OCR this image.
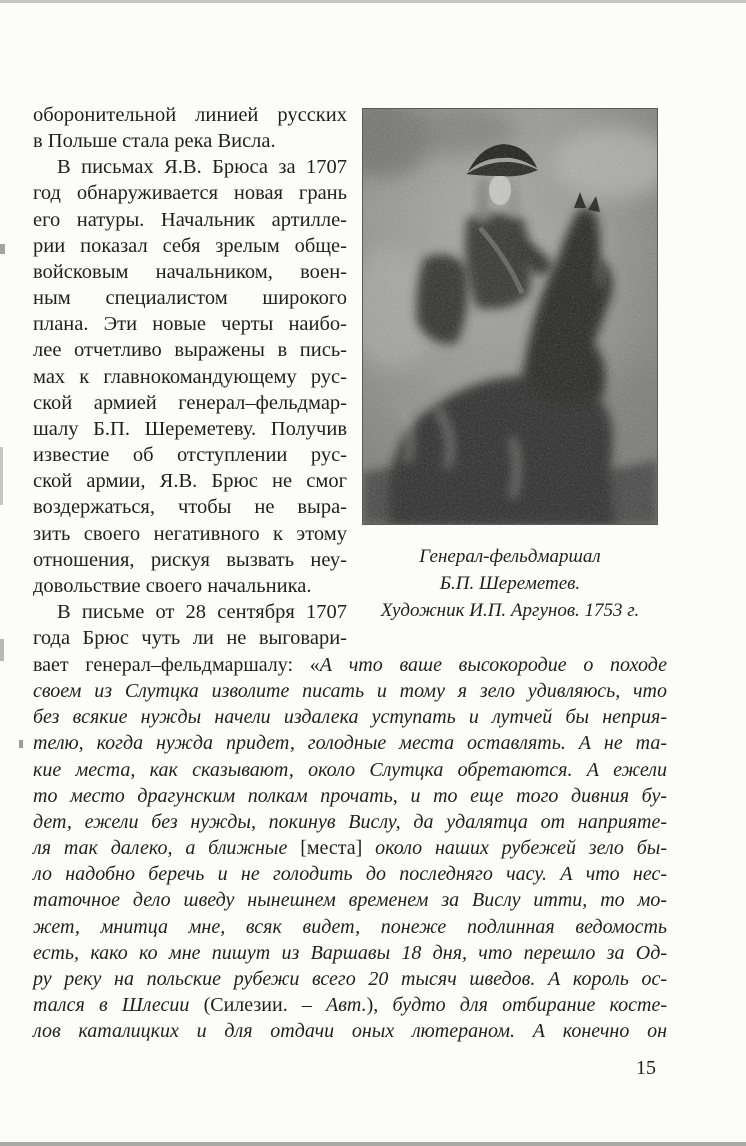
оборонительной линией русских
в Польше стала река Висла.
В письмах Я.В. Брюса за 1707
год обнаруживается новая грань
его натуры. Начальник артилле-
рии показал себя зрелым обще-
войсковым начальником, воен-
ным специалистом широкого
плана. Эти новые черты наибо-
лее отчетливо выражены в пись-
мах к главнокомандующему рус-
ской армией генерал–фельдмар-
шалу Б.П. Шереметеву. Получив
известие об отступлении рус-
ской армии, Я.В. Брюс не смог
воздержаться, чтобы не выра-
зить своего негативного к этому
отношения, рискуя вызвать неу-
довольствие своего начальника.
В письме от 28 сентября 1707
года Брюс чуть ли не выговари-
Генерал-фельдмаршал
Б.П. Шереметев.
Художник И.П. Аргунов. 1753 г.
вает генерал–фельдмаршалу: «А что ваше высокородие о походе
своем из Слутцка изволите писать и тому я зело удивляюсь, что
без всякие нужды начели издалека уступать и лутчей бы неприя-
телю, когда нужда придет, голодные места оставлять. А не та-
кие места, как сказывают, около Слутцка обретаются. А ежели
то место драгунским полкам прочать, и то еще того дивния бу-
дет, ежели без нужды, покинув Вислу, да удалятца от наприяте-
ля так далеко, а ближные [места] около наших рубежей зело бы-
ло надобно беречь и не голодить до последняго часу. А что нес-
таточное дело шведу нынешнем временем за Вислу итти, то мо-
жет, мнитца мне, всяк видет, понеже подлинная ведомость
есть, како ко мне пишут из Варшавы 18 дня, что перешло за Од-
ру реку на польские рубежи всего 20 тысяч шведов. А король ос-
тался в Шлесии (Силезии. – Авт.), будто для отбирание косте-
лов каталицких и для отдачи оных лютераном. А конечно он
15
